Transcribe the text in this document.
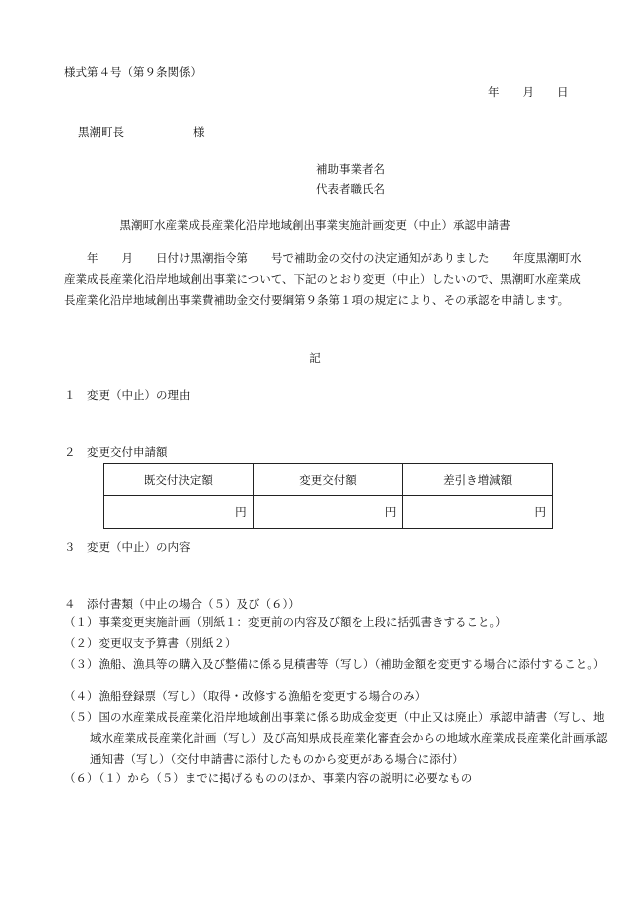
様式第４号（第９条関係）
年　　月　　日
黒潮町長　　　　　　様
補助事業者名
代表者職氏名
黒潮町水産業成長産業化沿岸地域創出事業実施計画変更（中止）承認申請書
　　年　　月　　日付け黒潮指令第　　号で補助金の交付の決定通知がありました　　年度黒潮町水産業成長産業化沿岸地域創出事業について、下記のとおり変更（中止）したいので、黒潮町水産業成長産業化沿岸地域創出事業費補助金交付要綱第９条第１項の規定により、その承認を申請します。
記
１　変更（中止）の理由
２　変更交付申請額
既交付決定額	変更交付額	差引き増減額
円	円	円
３　変更（中止）の内容
４　添付書類（中止の場合（５）及び（６））
（１）事業変更実施計画（別紙１：変更前の内容及び額を上段に括弧書きすること。）
（２）変更収支予算書（別紙２）
（３）漁船、漁具等の購入及び整備に係る見積書等（写し）（補助金額を変更する場合に添付すること。）
（４）漁船登録票（写し）（取得・改修する漁船を変更する場合のみ）
（５）国の水産業成長産業化沿岸地域創出事業に係る助成金変更（中止又は廃止）承認申請書（写し、地域水産業成長産業化計画（写し）及び高知県成長産業化審査会からの地域水産業成長産業化計画承認通知書（写し）（交付申請書に添付したものから変更がある場合に添付）
（６）（１）から（５）までに掲げるもののほか、事業内容の説明に必要なもの
